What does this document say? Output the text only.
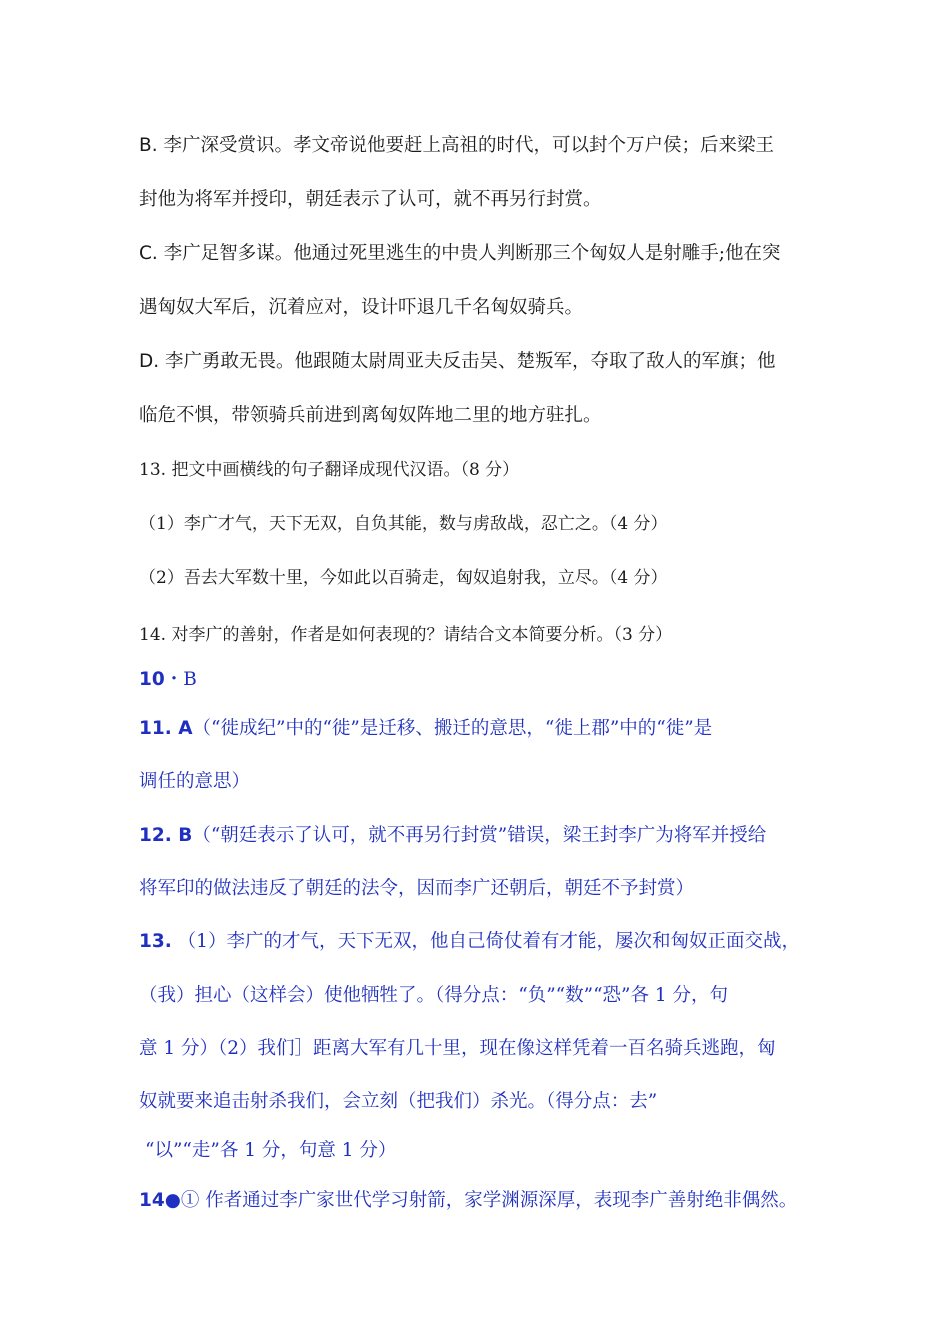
B. 李广深受赏识。孝文帝说他要赶上高祖的时代，可以封个万户侯；后来梁王
封他为将军并授印，朝廷表示了认可，就不再另行封赏。
C. 李广足智多谋。他通过死里逃生的中贵人判断那三个匈奴人是射雕手;他在突
遇匈奴大军后，沉着应对，设计吓退几千名匈奴骑兵。
D. 李广勇敢无畏。他跟随太尉周亚夫反击吴、楚叛军，夺取了敌人的军旗；他
临危不惧，带领骑兵前进到离匈奴阵地二里的地方驻扎。
13. 把文中画横线的句子翻译成现代汉语。（8 分）
（1）李广才气，天下无双，自负其能，数与虏敌战，忍亡之。（4 分）
（2）吾去大军数十里，今如此以百骑走，匈奴追射我，立尽。（4 分）
14. 对李广的善射，作者是如何表现的？请结合文本简要分析。（3 分）
10・B
11. A（“徙成纪”中的“徙”是迁移、搬迁的意思，“徙上郡”中的“徙”是
调任的意思）
12. B（“朝廷表示了认可，就不再另行封赏”错误，梁王封李广为将军并授给
将军印的做法违反了朝廷的法令，因而李广还朝后，朝廷不予封赏）
13. （1）李广的才气，天下无双，他自己倚仗着有才能，屡次和匈奴正面交战，
（我）担心（这样会）使他牺牲了。（得分点：“负”“数”“恐”各 1 分，句
意 1 分）（2）我们］距离大军有几十里，现在像这样凭着一百名骑兵逃跑，匈
奴就要来追击射杀我们，会立刻（把我们）杀光。（得分点：去”
“以”“走”各 1 分，句意 1 分）
14●① 作者通过李广家世代学习射箭，家学渊源深厚，表现李广善射绝非偶然。
